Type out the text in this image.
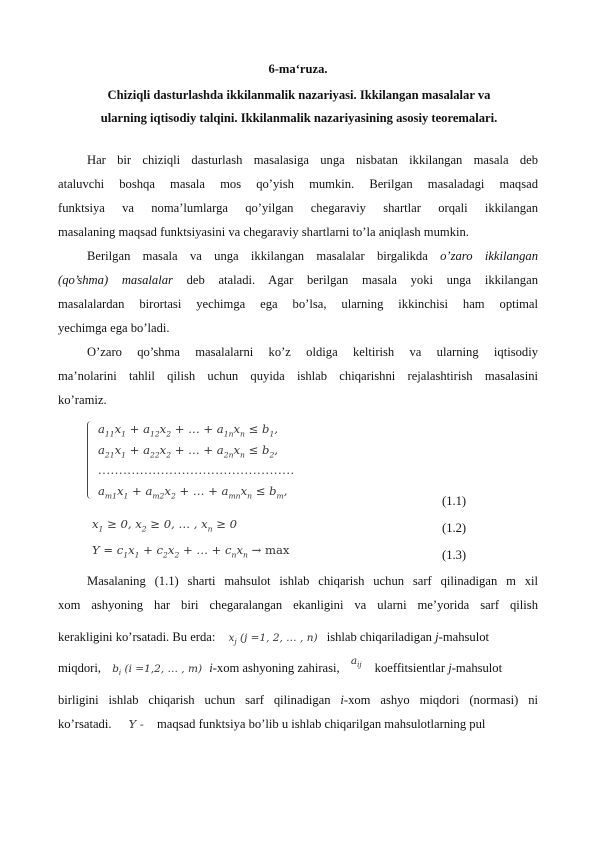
6-ma‘ruza.
Chiziqli dasturlashda ikkilanmalik nazariyasi. Ikkilangan masalalar va
ularning iqtisodiy talqini. Ikkilanmalik nazariyasining asosiy teoremalari.
Har bir chiziqli dasturlash masalasiga unga nisbatan ikkilangan masala deb
ataluvchi boshqa masala mos qo’yish mumkin. Berilgan masaladagi maqsad
funktsiya va noma’lumlarga qo’yilgan chegaraviy shartlar orqali ikkilangan
masalaning maqsad funktsiyasini va chegaraviy shartlarni to’la aniqlash mumkin.
Berilgan masala va unga ikkilangan masalalar birgalikda o’zaro ikkilangan
(qo’shma) masalalar deb ataladi. Agar berilgan masala yoki unga ikkilangan
masalalardan birortasi yechimga ega bo’lsa, ularning ikkinchisi ham optimal
yechimga ega bo’ladi.
O’zaro qo’shma masalalarni ko’z oldiga keltirish va ularning iqtisodiy
ma’nolarini tahlil qilish uchun quyida ishlab chiqarishni rejalashtirish masalasini
ko’ramiz.
$a_{11}x_1 + a_{12}x_2$ + … + $a_{1n}x_n \le b_1$,
$a_{21}x_1 + a_{22}x_2$ + … + $a_{2n}x_n \le b_2$,
...............................................
$a_{m1}x_1 + a_{m2}x_2$ + … + $a_{mn}x_n \le b_m$,
(1.1)
$x_1 \ge 0$, $x_2 \ge 0$, … , $x_n \ge 0$	(1.2)
$Y = c_1x_1 + c_2x_2$ + … + $c_nx_n \to \max$	(1.3)
Masalaning (1.1) sharti mahsulot ishlab chiqarish uchun sarf qilinadigan m xil
xom ashyoning har biri chegaralangan ekanligini va ularni me’yorida sarf qilish
kerakligini ko’rsatadi. Bu erda: $x_j$ (j =1, 2, … , n) ishlab chiqariladigan j-mahsulot
miqdori, $b_i$ (i =1,2, … , m) i-xom ashyoning zahirasi, $^{a_{ij}}$ koeffitsientlar j-mahsulot
birligini ishlab chiqarish uchun sarf qilinadigan i-xom ashyo miqdori (normasi) ni
ko’rsatadi. Y - maqsad funktsiya bo’lib u ishlab chiqarilgan mahsulotlarning pul
